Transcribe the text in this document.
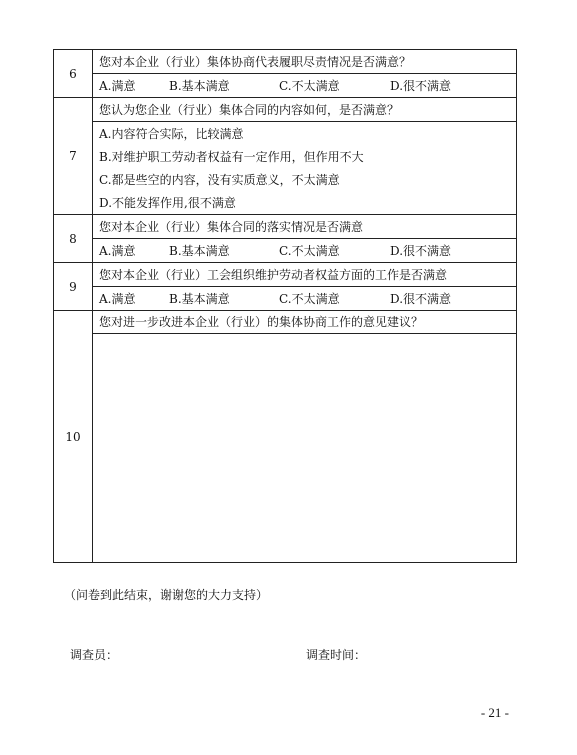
6	您对本企业（行业）集体协商代表履职尽责情况是否满意？
	A.满意 B.基本满意 C.不太满意 D.很不满意
7	您认为您企业（行业）集体合同的内容如何，是否满意？
	A.内容符合实际，比较满意
	B.对维护职工劳动者权益有一定作用，但作用不大
	C.都是些空的内容，没有实质意义，不太满意
	D.不能发挥作用,很不满意
8	您对本企业（行业）集体合同的落实情况是否满意
	A.满意 B.基本满意 C.不太满意 D.很不满意
9	您对本企业（行业）工会组织维护劳动者权益方面的工作是否满意
	A.满意 B.基本满意 C.不太满意 D.很不满意
10	您对进一步改进本企业（行业）的集体协商工作的意见建议？

（问卷到此结束，谢谢您的大力支持）
调查员：	调查时间：
- 21 -
